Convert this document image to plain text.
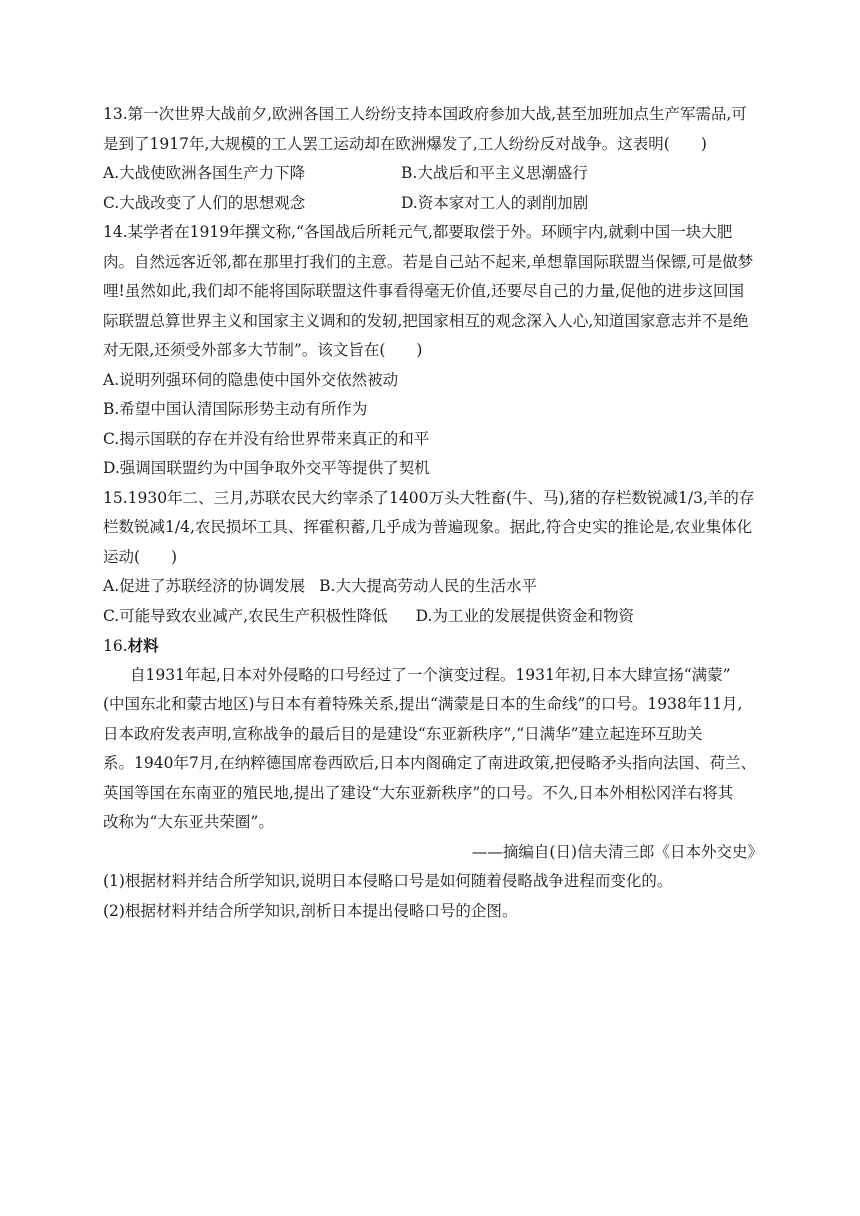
13.第一次世界大战前夕,欧洲各国工人纷纷支持本国政府参加大战,甚至加班加点生产军需品,可
是到了1917年,大规模的工人罢工运动却在欧洲爆发了,工人纷纷反对战争。这表明(　　)
A.大战使欧洲各国生产力下降	B.大战后和平主义思潮盛行
C.大战改变了人们的思想观念	D.资本家对工人的剥削加剧
14.某学者在1919年撰文称,“各国战后所耗元气,都要取偿于外。环顾宇内,就剩中国一块大肥
肉。自然远客近邻,都在那里打我们的主意。若是自己站不起来,单想靠国际联盟当保镖,可是做梦
哩!虽然如此,我们却不能将国际联盟这件事看得毫无价值,还要尽自己的力量,促他的进步这回国
际联盟总算世界主义和国家主义调和的发轫,把国家相互的观念深入人心,知道国家意志并不是绝
对无限,还须受外部多大节制”。该文旨在(　　)
A.说明列强环伺的隐患使中国外交依然被动
B.希望中国认清国际形势主动有所作为
C.揭示国联的存在并没有给世界带来真正的和平
D.强调国联盟约为中国争取外交平等提供了契机
15.1930年二、三月,苏联农民大约宰杀了1400万头大牲畜(牛、马),猪的存栏数锐减1/3,羊的存
栏数锐减1/4,农民损坏工具、挥霍积蓄,几乎成为普遍现象。据此,符合史实的推论是,农业集体化
运动(　　)
A.促进了苏联经济的协调发展 B.大大提高劳动人民的生活水平
C.可能导致农业减产,农民生产积极性降低 D.为工业的发展提供资金和物资
16.材料
自1931年起,日本对外侵略的口号经过了一个演变过程。1931年初,日本大肆宣扬“满蒙”
(中国东北和蒙古地区)与日本有着特殊关系,提出“满蒙是日本的生命线”的口号。1938年11月,
日本政府发表声明,宣称战争的最后目的是建设“东亚新秩序”,“日满华”建立起连环互助关
系。1940年7月,在纳粹德国席卷西欧后,日本内阁确定了南进政策,把侵略矛头指向法国、荷兰、
英国等国在东南亚的殖民地,提出了建设“大东亚新秩序”的口号。不久,日本外相松冈洋右将其
改称为“大东亚共荣圈”。
——摘编自(日)信夫清三郎《日本外交史》
(1)根据材料并结合所学知识,说明日本侵略口号是如何随着侵略战争进程而变化的。
(2)根据材料并结合所学知识,剖析日本提出侵略口号的企图。
